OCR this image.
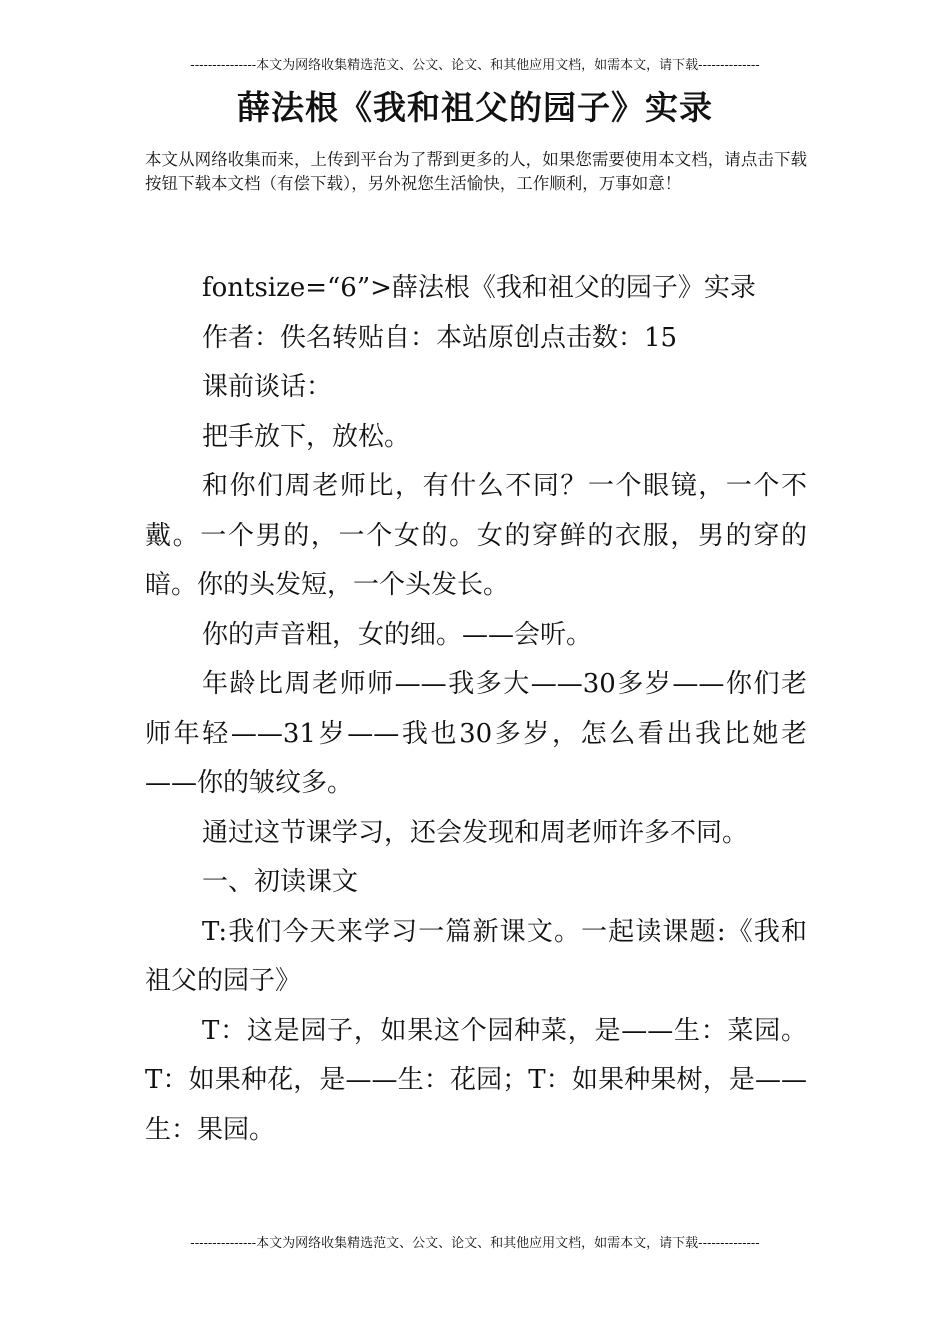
---------------本文为网络收集精选范文、公文、论文、和其他应用文档，如需本文，请下载--------------
薛法根《我和祖父的园子》实录

本文从网络收集而来，上传到平台为了帮到更多的人，如果您需要使用本文档，请点击下载按钮下载本文档（有偿下载），另外祝您生活愉快，工作顺利，万事如意！

fontsize=“6”>薛法根《我和祖父的园子》实录

作者：佚名转贴自：本站原创点击数：15

课前谈话：

把手放下，放松。

和你们周老师比，有什么不同？一个眼镜，一个不戴。一个男的，一个女的。女的穿鲜的衣服，男的穿的暗。你的头发短，一个头发长。

你的声音粗，女的细。——会听。

年龄比周老师师——我多大——30多岁——你们老师年轻——31岁——我也30多岁，怎么看出我比她老——你的皱纹多。

通过这节课学习，还会发现和周老师许多不同。

一、初读课文

T:我们今天来学习一篇新课文。一起读课题:《我和祖父的园子》

T：这是园子，如果这个园种菜，是——生：菜园。T：如果种花，是——生：花园；T：如果种果树，是——生：果园。

---------------本文为网络收集精选范文、公文、论文、和其他应用文档，如需本文，请下载--------------
